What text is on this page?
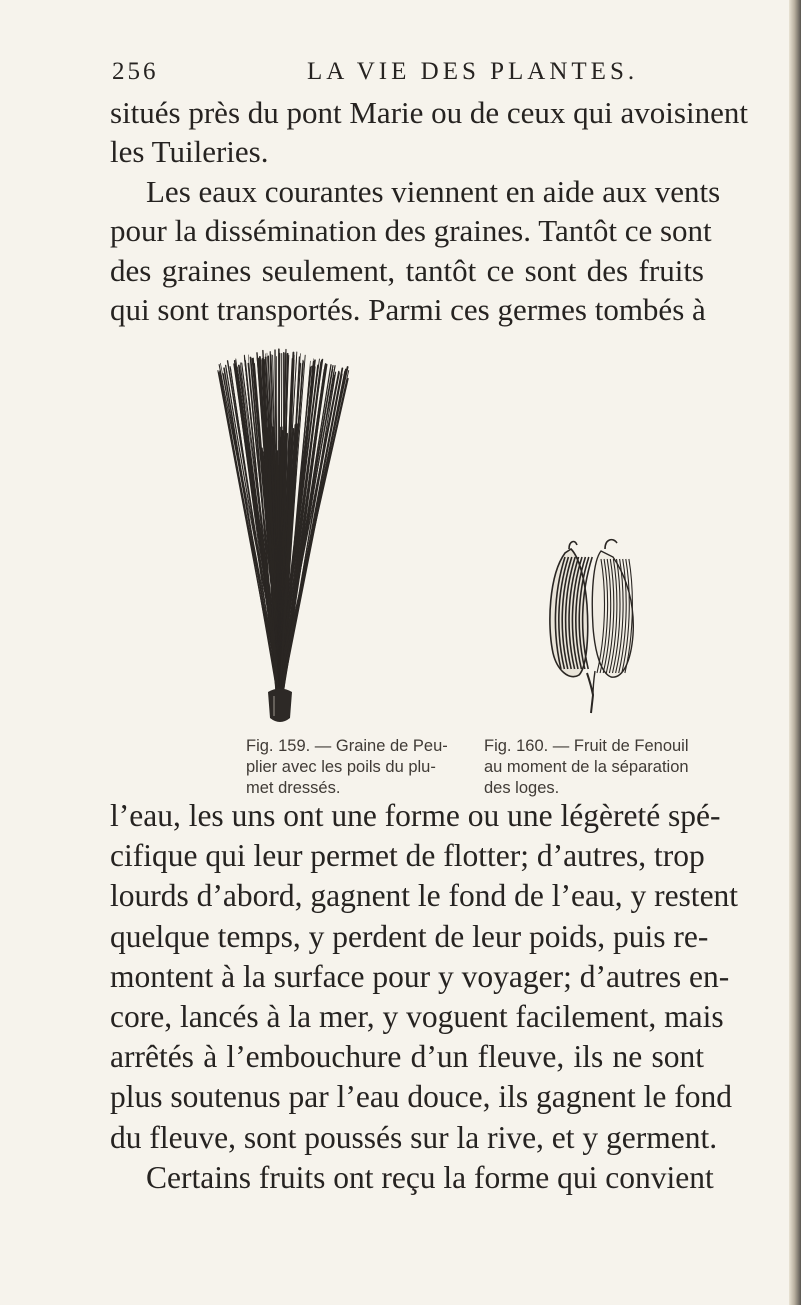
256	LA VIE DES PLANTES.
situés près du pont Marie ou de ceux qui avoisinent
les Tuileries.
Les eaux courantes viennent en aide aux vents
pour la dissémination des graines. Tantôt ce sont
des graines seulement, tantôt ce sont des fruits
qui sont transportés. Parmi ces germes tombés à
Fig. 159. — Graine de Peu-
plier avec les poils du plu-
met dressés.
Fig. 160. — Fruit de Fenouil
au moment de la séparation
des loges.
l’eau, les uns ont une forme ou une légèreté spé-
cifique qui leur permet de flotter; d’autres, trop
lourds d’abord, gagnent le fond de l’eau, y restent
quelque temps, y perdent de leur poids, puis re-
montent à la surface pour y voyager; d’autres en-
core, lancés à la mer, y voguent facilement, mais
arrêtés à l’embouchure d’un fleuve, ils ne sont
plus soutenus par l’eau douce, ils gagnent le fond
du fleuve, sont poussés sur la rive, et y germent.
Certains fruits ont reçu la forme qui convient
